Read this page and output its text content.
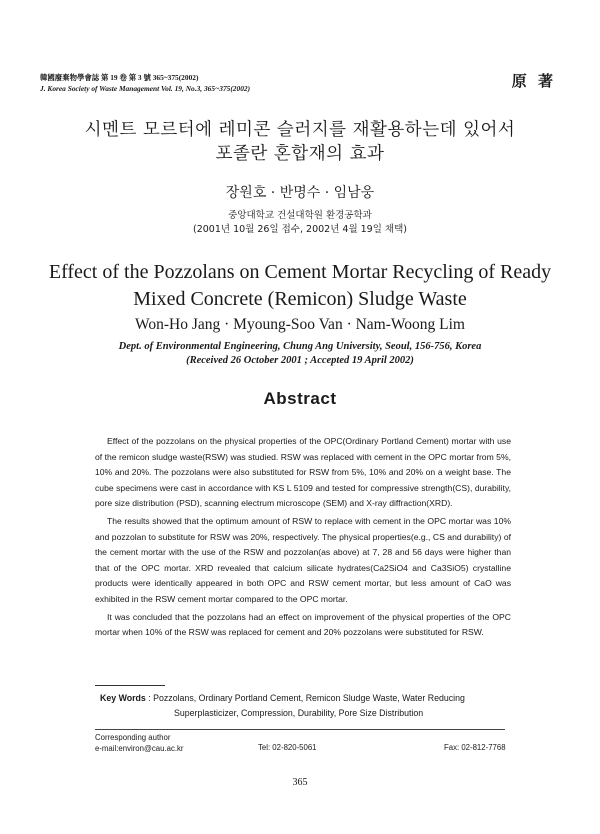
韓國廢棄物學會誌 第 19 卷 第 3 號 365~375(2002)
J. Korea Society of Waste Management Vol. 19, No.3, 365~375(2002)	原 著
시멘트 모르터에 레미콘 슬러지를 재활용하는데 있어서
포졸란 혼합재의 효과
장원호 · 반명수 · 임남웅
중앙대학교 건설대학원 환경공학과
(2001년 10월 26일 접수, 2002년 4월 19일 채택)
Effect of the Pozzolans on Cement Mortar Recycling of Ready
Mixed Concrete (Remicon) Sludge Waste
Won-Ho Jang · Myoung-Soo Van · Nam-Woong Lim
Dept. of Environmental Engineering, Chung Ang University, Seoul, 156-756, Korea
(Received 26 October 2001 ; Accepted 19 April 2002)
Abstract

Effect of the pozzolans on the physical properties of the OPC(Ordinary Portland Cement) mortar with use of the remicon sludge waste(RSW) was studied. RSW was replaced with cement in the OPC mortar from 5%, 10% and 20%. The pozzolans were also substituted for RSW from 5%, 10% and 20% on a weight base. The cube specimens were cast in accordance with KS L 5109 and tested for compressive strength(CS), durability, pore size distribution (PSD), scanning electrum microscope (SEM) and X-ray diffraction(XRD).

The results showed that the optimum amount of RSW to replace with cement in the OPC mortar was 10% and pozzolan to substitute for RSW was 20%, respectively. The physical properties(e.g., CS and durability) of the cement mortar with the use of the RSW and pozzolan(as above) at 7, 28 and 56 days were higher than that of the OPC mortar. XRD revealed that calcium silicate hydrates(Ca2SiO4 and Ca3SiO5) crystalline products were identically appeared in both OPC and RSW cement mortar, but less amount of CaO was exhibited in the RSW cement mortar compared to the OPC mortar.

It was concluded that the pozzolans had an effect on improvement of the physical properties of the OPC mortar when 10% of the RSW was replaced for cement and 20% pozzolans were substituted for RSW.

Key Words : Pozzolans, Ordinary Portland Cement, Remicon Sludge Waste, Water Reducing
Superplasticizer, Compression, Durability, Pore Size Distribution
Corresponding author
e-mail:environ@cau.ac.kr	Tel: 02-820-5061	Fax: 02-812-7768
365
